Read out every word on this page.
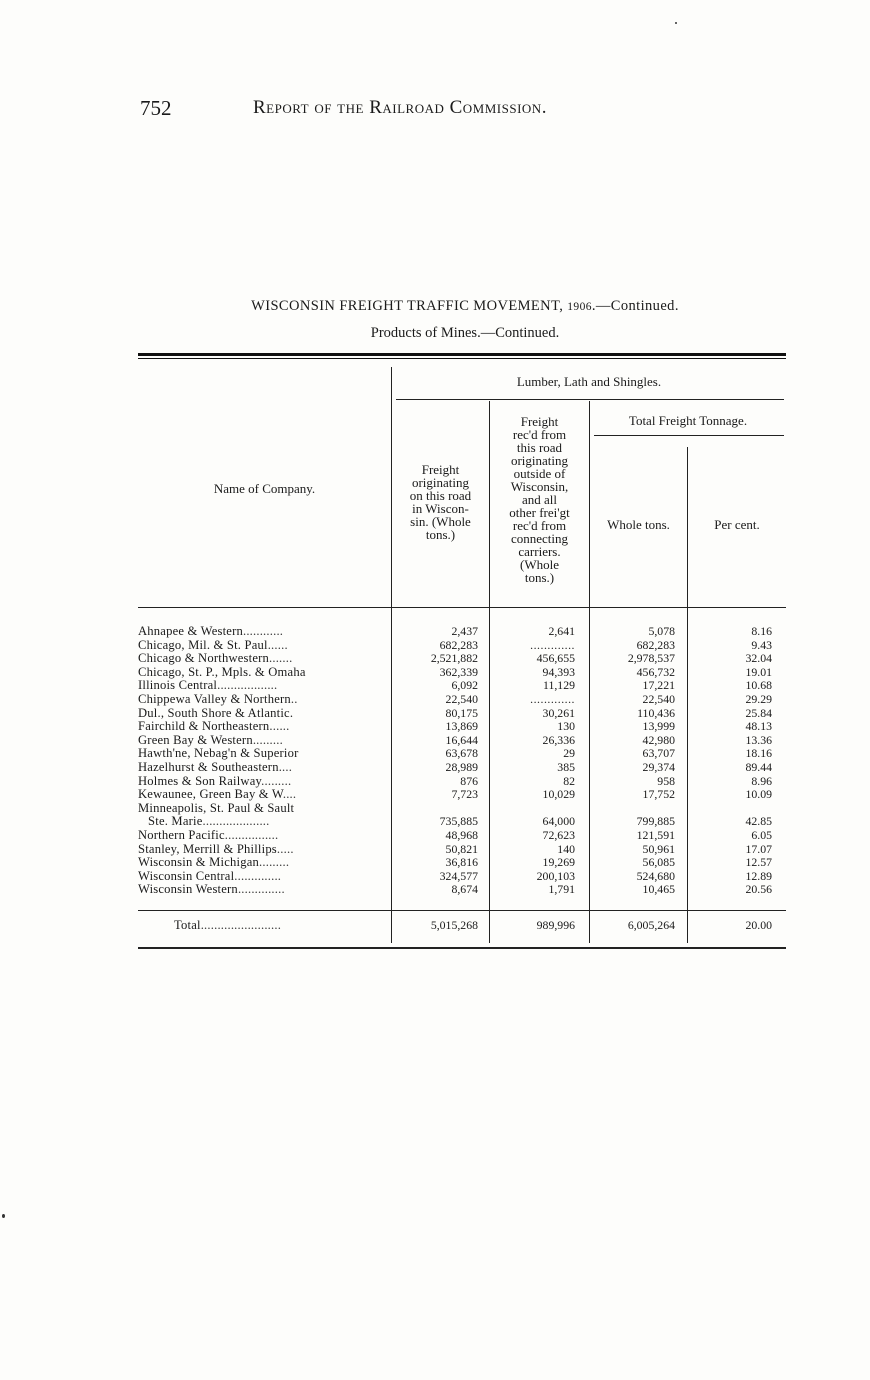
752	Report of the Railroad Commission.
WISCONSIN FREIGHT TRAFFIC MOVEMENT, 1906.—Continued.
Products of Mines.—Continued.
Name of Company.
Lumber, Lath and Shingles.
Freight
originating
on this road
in Wiscon-
sin. (Whole
tons.)
Freight
rec'd from
this road
originating
outside of
Wisconsin,
and all
other frei'gt
rec'd from
connecting
carriers.
(Whole
tons.)
Total Freight Tonnage.
Whole tons.	Per cent.
Ahnapee & Western............	2,437	2,641	5,078	8.16
Chicago, Mil. & St. Paul......	682,283	.............	682,283	9.43
Chicago & Northwestern.......	2,521,882	456,655	2,978,537	32.04
Chicago, St. P., Mpls. & Omaha	362,339	94,393	456,732	19.01
Illinois Central..................	6,092	11,129	17,221	10.68
Chippewa Valley & Northern..	22,540	.............	22,540	29.29
Dul., South Shore & Atlantic.	80,175	30,261	110,436	25.84
Fairchild & Northeastern......	13,869	130	13,999	48.13
Green Bay & Western.........	16,644	26,336	42,980	13.36
Hawth'ne, Nebag'n & Superior	63,678	29	63,707	18.16
Hazelhurst & Southeastern....	28,989	385	29,374	89.44
Holmes & Son Railway.........	876	82	958	8.96
Kewaunee, Green Bay & W....	7,723	10,029	17,752	10.09
Minneapolis, St. Paul & Sault
Ste. Marie....................	735,885	64,000	799,885	42.85
Northern Pacific................	48,968	72,623	121,591	6.05
Stanley, Merrill & Phillips.....	50,821	140	50,961	17.07
Wisconsin & Michigan.........	36,816	19,269	56,085	12.57
Wisconsin Central..............	324,577	200,103	524,680	12.89
Wisconsin Western..............	8,674	1,791	10,465	20.56
Total........................	5,015,268	989,996	6,005,264	20.00
